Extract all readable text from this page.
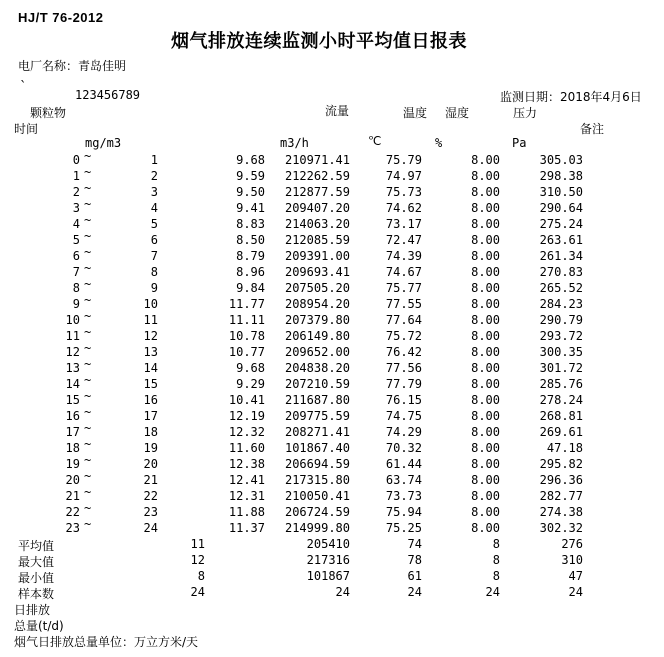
HJ/T 76-2012
烟气排放连续监测小时平均值日报表
电厂名称：青岛佳明
`	123456789	监测日期：2018年4月6日
颗粒物	流量	温度 湿度	压力
时间	备注
mg/m3	m3/h	℃	%	Pa
0 ~	1	9.68 210971.41	75.79	8.00	305.03
1 ~	2	9.59 212262.59	74.97	8.00	298.38
2 ~	3	9.50 212877.59	75.73	8.00	310.50
3 ~	4	9.41 209407.20	74.62	8.00	290.64
4 ~	5	8.83 214063.20	73.17	8.00	275.24
5 ~	6	8.50 212085.59	72.47	8.00	263.61
6 ~	7	8.79 209391.00	74.39	8.00	261.34
7 ~	8	8.96 209693.41	74.67	8.00	270.83
8 ~	9	9.84 207505.20	75.77	8.00	265.52
9 ~	10	11.77 208954.20	77.55	8.00	284.23
10 ~	11	11.11 207379.80	77.64	8.00	290.79
11 ~	12	10.78 206149.80	75.72	8.00	293.72
12 ~	13	10.77 209652.00	76.42	8.00	300.35
13 ~	14	9.68 204838.20	77.56	8.00	301.72
14 ~	15	9.29 207210.59	77.79	8.00	285.76
15 ~	16	10.41 211687.80	76.15	8.00	278.24
16 ~	17	12.19 209775.59	74.75	8.00	268.81
17 ~	18	12.32 208271.41	74.29	8.00	269.61
18 ~	19	11.60 101867.40	70.32	8.00	47.18
19 ~	20	12.38 206694.59	61.44	8.00	295.82
20 ~	21	12.41 217315.80	63.74	8.00	296.36
21 ~	22	12.31 210050.41	73.73	8.00	282.77
22 ~	23	11.88 206724.59	75.94	8.00	274.38
23 ~	24	11.37 214999.80	75.25	8.00	302.32
平均值	11	205410	74	8	276
最大值	12	217316	78	8	310
最小值	8	101867	61	8	47
样本数	24	24	24	24	24
日排放
总量(t/d)
烟气日排放总量单位：万立方米/天
